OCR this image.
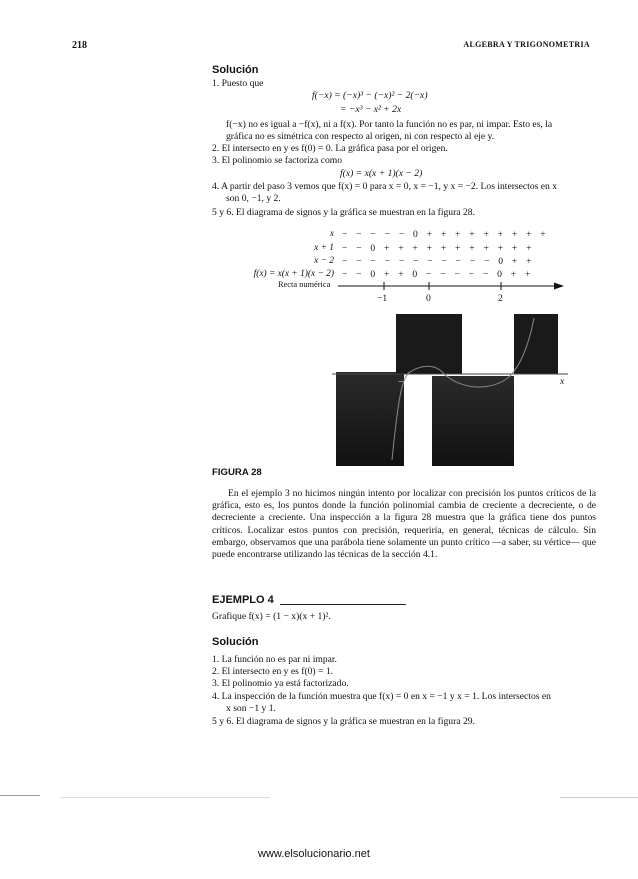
218	ALGEBRA Y TRIGONOMETRIA
Solución
1. Puesto que
f(−x) = (−x)³ − (−x)² − 2(−x)
= −x³ − x² + 2x
f(−x) no es igual a −f(x), ni a f(x). Por tanto la función no es par, ni impar. Esto es, la
gráfica no es simétrica con respecto al origen, ni con respecto al eje y.
2. El intersecto en y es f(0) = 0. La gráfica pasa por el origen.
3. El polinomio se factoriza como
f(x) = x(x + 1)(x − 2)
4. A partir del paso 3 vemos que f(x) = 0 para x = 0, x = −1, y x = −2. Los intersectos en x
son 0, −1, y 2.
5 y 6. El diagrama de signos y la gráfica se muestran en la figura 28.
x − − − − − 0 + + + + + + + + +
x + 1 − − 0 + + + + + + + + + + +
x − 2 − − − − − − − − − − − 0 + +
f(x) = x(x + 1)(x − 2) − − 0 + + 0 − − − − − 0 + +
Recta numérica
−1	0	2
−1	x
FIGURA 28
En el ejemplo 3 no hicimos ningún intento por localizar con precisión los puntos críticos de la gráfica, esto es, los puntos donde la función polinomial cambia de creciente a decreciente, o de decreciente a creciente. Una inspección a la figura 28 muestra que la gráfica tiene dos puntos críticos. Localizar estos puntos con precisión, requeriría, en general, técnicas de cálculo. Sin embargo, observamos que una parábola tiene solamente un punto crítico —a saber, su vértice— que puede encontrarse utilizando las técnicas de la sección 4.1.
EJEMPLO 4
Grafique f(x) = (1 − x)(x + 1)².
Solución
1. La función no es par ni impar.
2. El intersecto en y es f(0) = 1.
3. El polinomio ya está factorizado.
4. La inspección de la función muestra que f(x) = 0 en x = −1 y x = 1. Los intersectos en
x son −1 y 1.
5 y 6. El diagrama de signos y la gráfica se muestran en la figura 29.
www.elsolucionario.net
